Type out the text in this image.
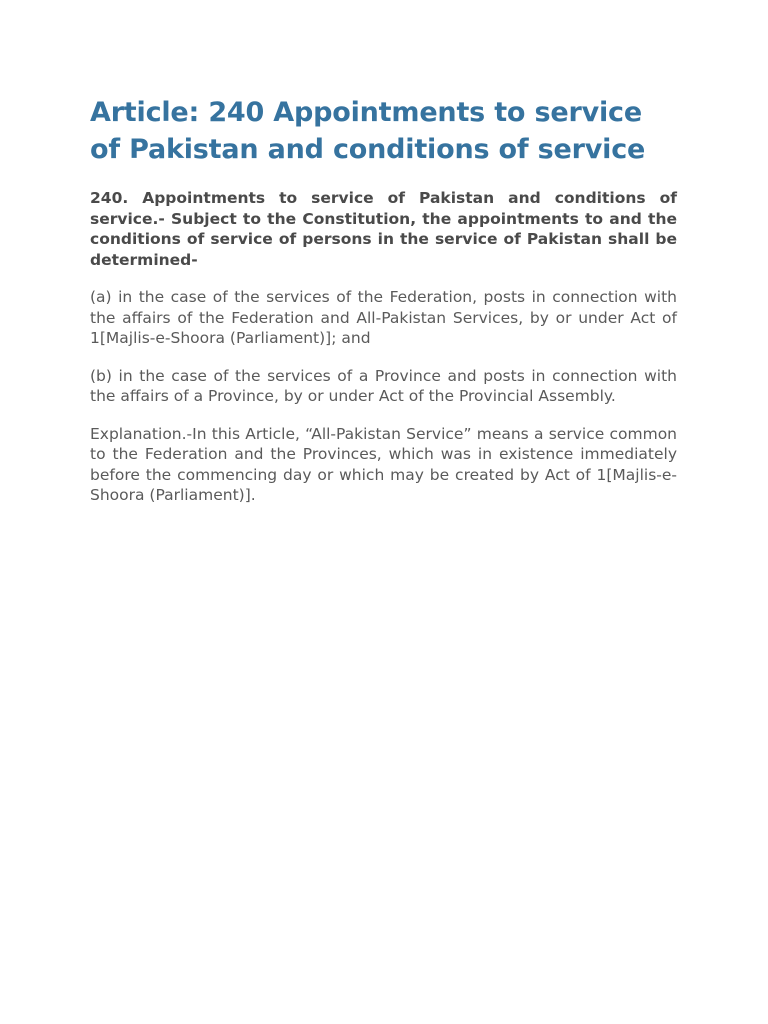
Article: 240 Appointments to service of Pakistan and conditions of service

240. Appointments to service of Pakistan and conditions of service.- Subject to the Constitution, the appointments to and the conditions of service of persons in the service of Pakistan shall be determined-

(a) in the case of the services of the Federation, posts in connection with the affairs of the Federation and All-Pakistan Services, by or under Act of 1[Majlis-e-Shoora (Parliament)]; and

(b) in the case of the services of a Province and posts in connection with the affairs of a Province, by or under Act of the Provincial Assembly.

Explanation.-In this Article, “All-Pakistan Service” means a service common to the Federation and the Provinces, which was in existence immediately before the commencing day or which may be created by Act of 1[Majlis-e-Shoora (Parliament)].
